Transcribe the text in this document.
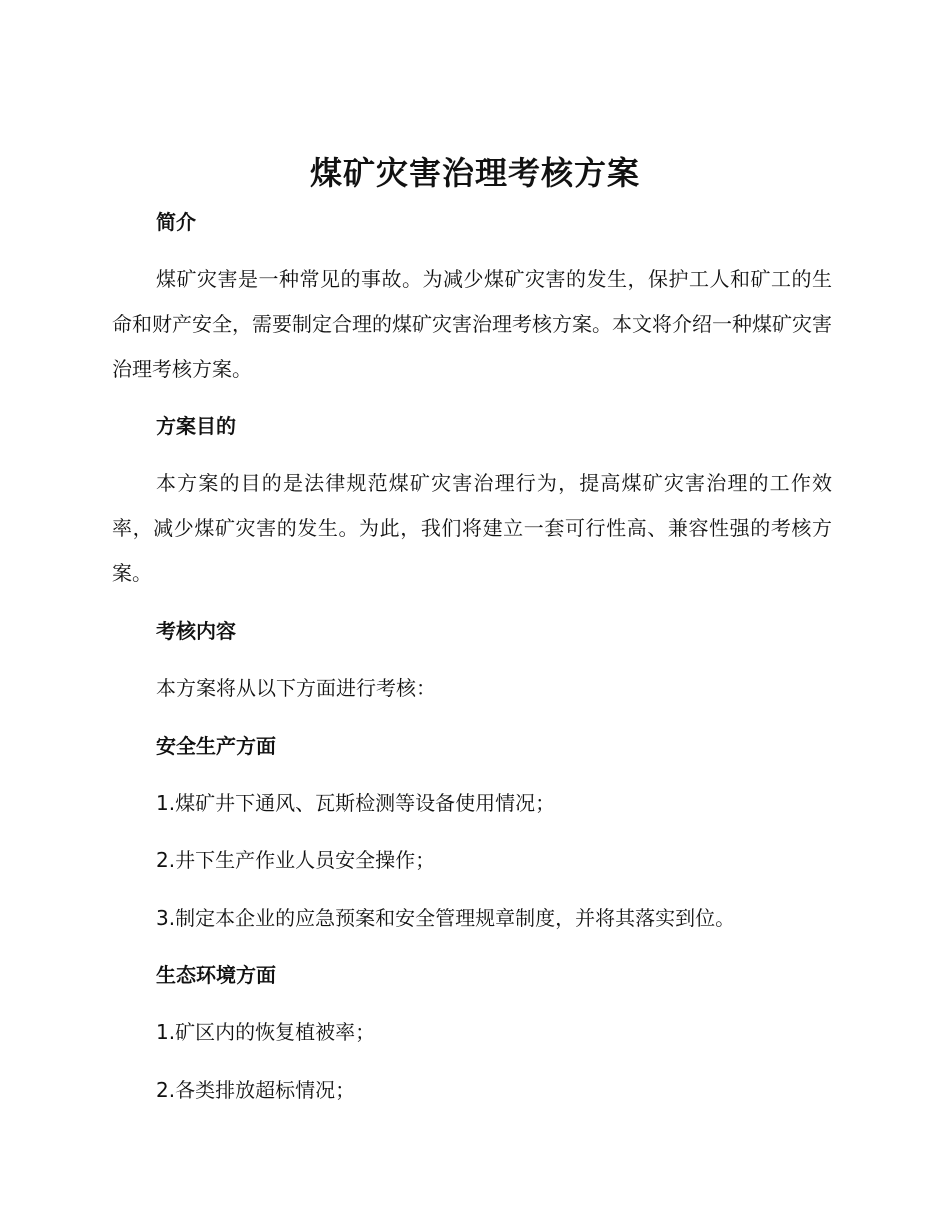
煤矿灾害治理考核方案
简介

煤矿灾害是一种常见的事故。为减少煤矿灾害的发生，保护工人和矿工的生命和财产安全，需要制定合理的煤矿灾害治理考核方案。本文将介绍一种煤矿灾害治理考核方案。

方案目的

本方案的目的是法律规范煤矿灾害治理行为，提高煤矿灾害治理的工作效率，减少煤矿灾害的发生。为此，我们将建立一套可行性高、兼容性强的考核方案。

考核内容

本方案将从以下方面进行考核：

安全生产方面

1.煤矿井下通风、瓦斯检测等设备使用情况；

2.井下生产作业人员安全操作；

3.制定本企业的应急预案和安全管理规章制度，并将其落实到位。

生态环境方面

1.矿区内的恢复植被率；

2.各类排放超标情况；
